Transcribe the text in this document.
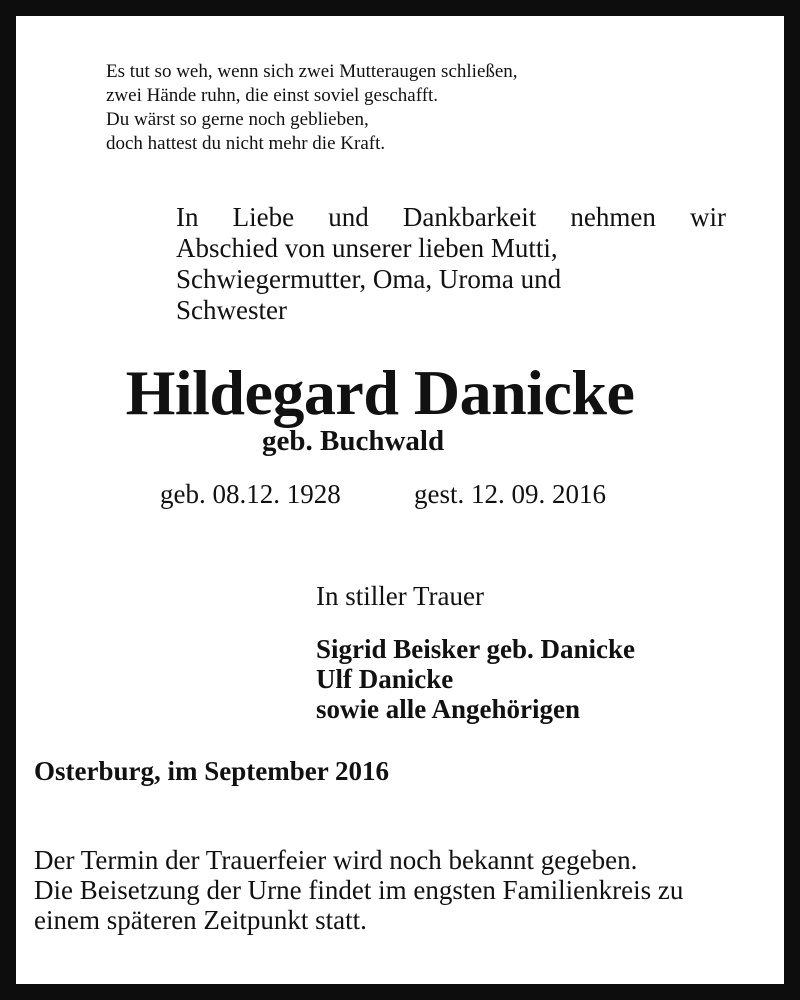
Es tut so weh, wenn sich zwei Mutteraugen schließen,
zwei Hände ruhn, die einst soviel geschafft.
Du wärst so gerne noch geblieben,
doch hattest du nicht mehr die Kraft.
In Liebe und Dankbarkeit nehmen wir
Abschied von unserer lieben Mutti,
Schwiegermutter, Oma, Uroma und
Schwester
Hildegard Danicke
geb. Buchwald
geb. 08.12. 1928	gest. 12. 09. 2016
In stiller Trauer
Sigrid Beisker geb. Danicke
Ulf Danicke
sowie alle Angehörigen
Osterburg, im September 2016
Der Termin der Trauerfeier wird noch bekannt gegeben.
Die Beisetzung der Urne findet im engsten Familienkreis zu
einem späteren Zeitpunkt statt.
